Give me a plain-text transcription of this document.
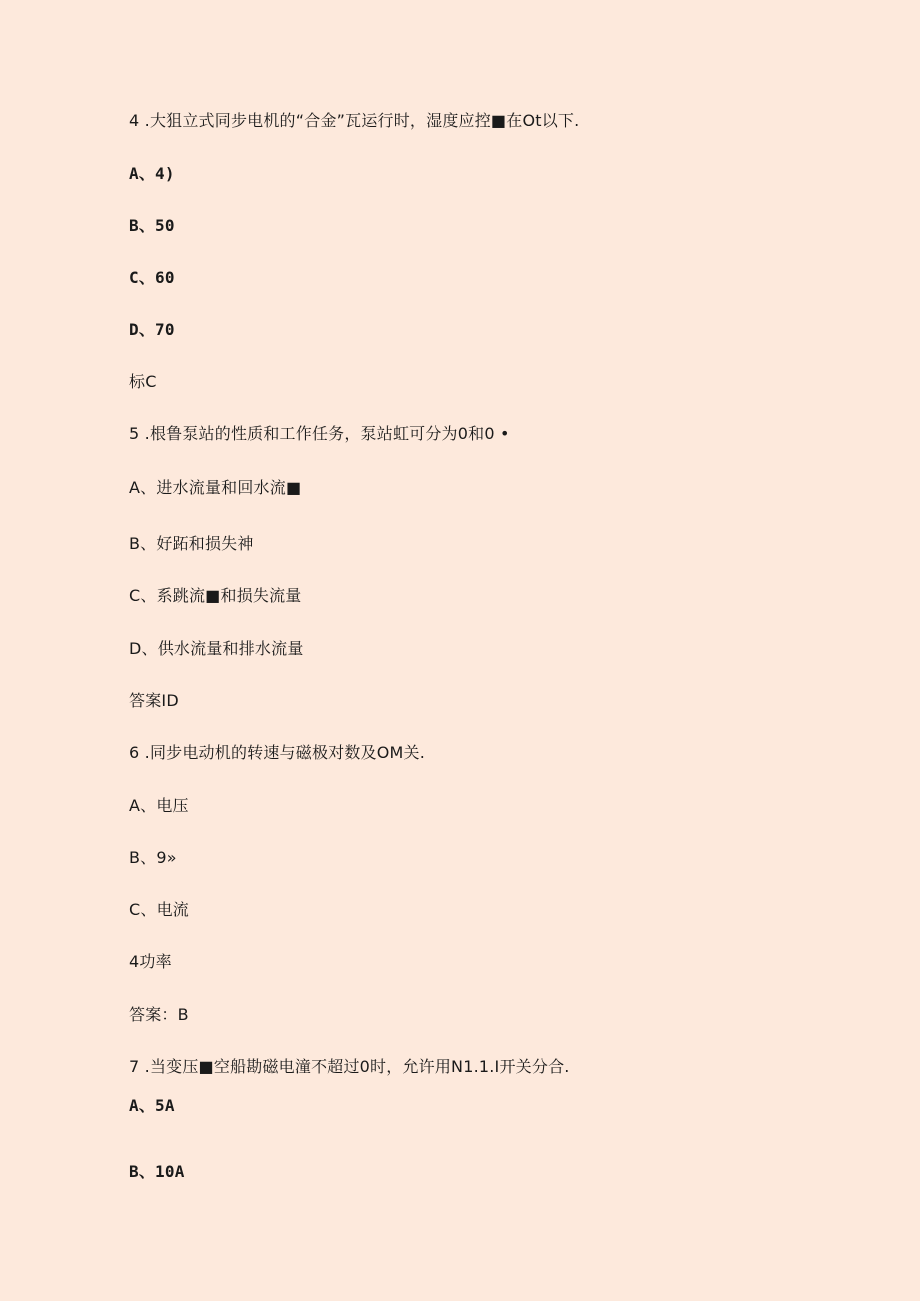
4 .大狙立式同步电机的“合金”瓦运行时，湿度应控■在Ot以下.
A、4)
B、50
C、60
D、70
标C
5 .根鲁泵站的性质和工作任务，泵站虹可分为0和0 •
A、进水流量和回水流■
B、好跖和损失神
C、系跳流■和损失流量
D、供水流量和排水流量
答案ID
6 .同步电动机的转速与磁极对数及OM关.
A、电压
B、9»
C、电流
4功率
答案：B
7 .当变压■空船勘磁电潼不超过0时，允许用N1.1.I开关分合.
A、5A
B、10A
